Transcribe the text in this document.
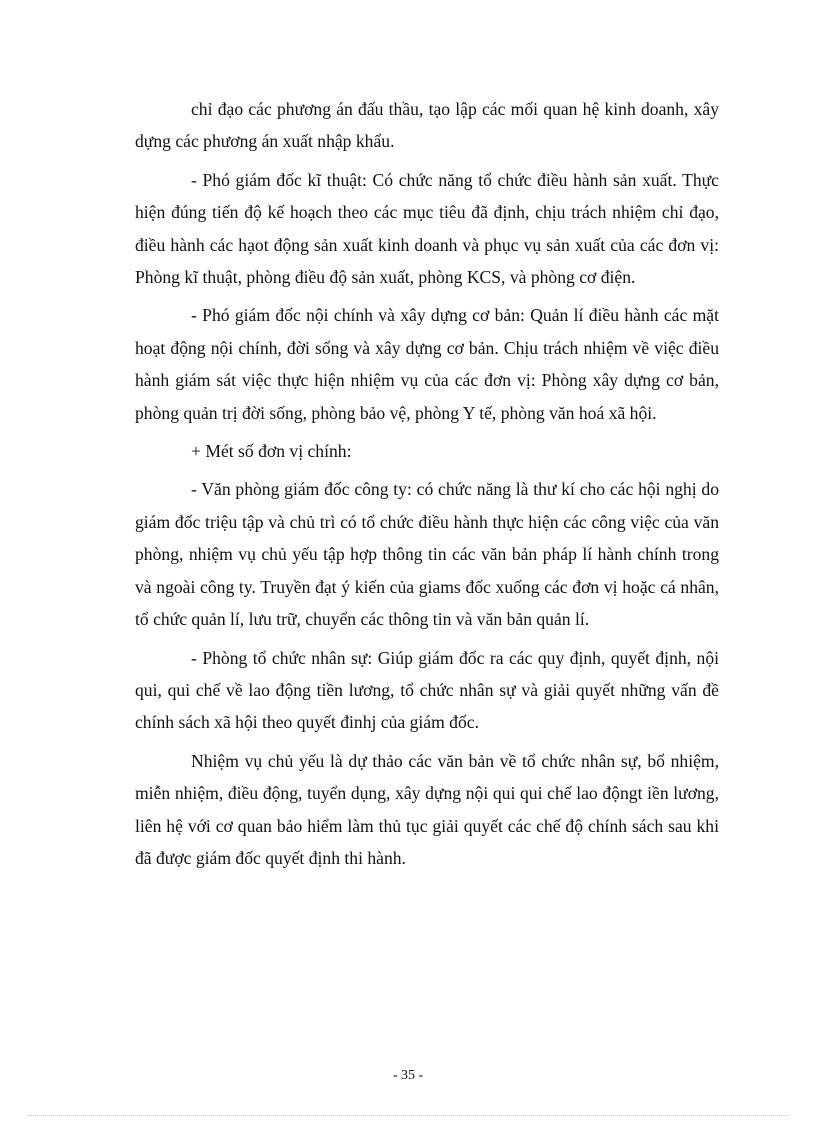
chỉ đạo các phương án đấu thầu, tạo lập các mối quan hệ kinh doanh, xây dựng các phương án xuất nhập khẩu.

- Phó giám đốc kĩ thuật: Có chức năng tổ chức điều hành sản xuất. Thực hiện đúng tiến độ kế hoạch theo các mục tiêu đã định, chịu trách nhiệm chỉ đạo, điều hành các hạot động sản xuất kinh doanh và phục vụ sản xuất của các đơn vị: Phòng kĩ thuật, phòng điều độ sản xuất, phòng KCS, và phòng cơ điện.

- Phó giám đốc nội chính và xây dựng cơ bản: Quản lí điều hành các mặt hoạt động nội chính, đời sống và xây dựng cơ bản. Chịu trách nhiệm về việc điều hành giám sát việc thực hiện nhiệm vụ của các đơn vị: Phòng xây dựng cơ bản, phòng quản trị đời sống, phòng bảo vệ, phòng Y tế, phòng văn hoá xã hội.

+ Mét số đơn vị chính:

- Văn phòng giám đốc công ty: có chức năng là thư kí cho các hội nghị do giám đốc triệu tập và chủ trì có tổ chức điều hành thực hiện các công việc của văn phòng, nhiệm vụ chủ yếu tập hợp thông tin các văn bản pháp lí hành chính trong và ngoài công ty. Truyền đạt ý kiến của giams đốc xuống các đơn vị hoặc cá nhân, tổ chức quản lí, lưu trữ, chuyển các thông tin và văn bản quản lí.

- Phòng tổ chức nhân sự: Giúp giám đốc ra các quy định, quyết định, nội qui, qui chế về lao động tiền lương, tổ chức nhân sự và giải quyết những vấn đề chính sách xã hội theo quyết đinhj của giám đốc.

Nhiệm vụ chủ yếu là dự thảo các văn bản về tổ chức nhân sự, bổ nhiệm, miễn nhiệm, điều động, tuyển dụng, xây dựng nội qui qui chế lao độngt iền lương, liên hệ với cơ quan bảo hiểm làm thủ tục giải quyết các chế độ chính sách sau khi đã được giám đốc quyết định thi hành.

- 35 -
